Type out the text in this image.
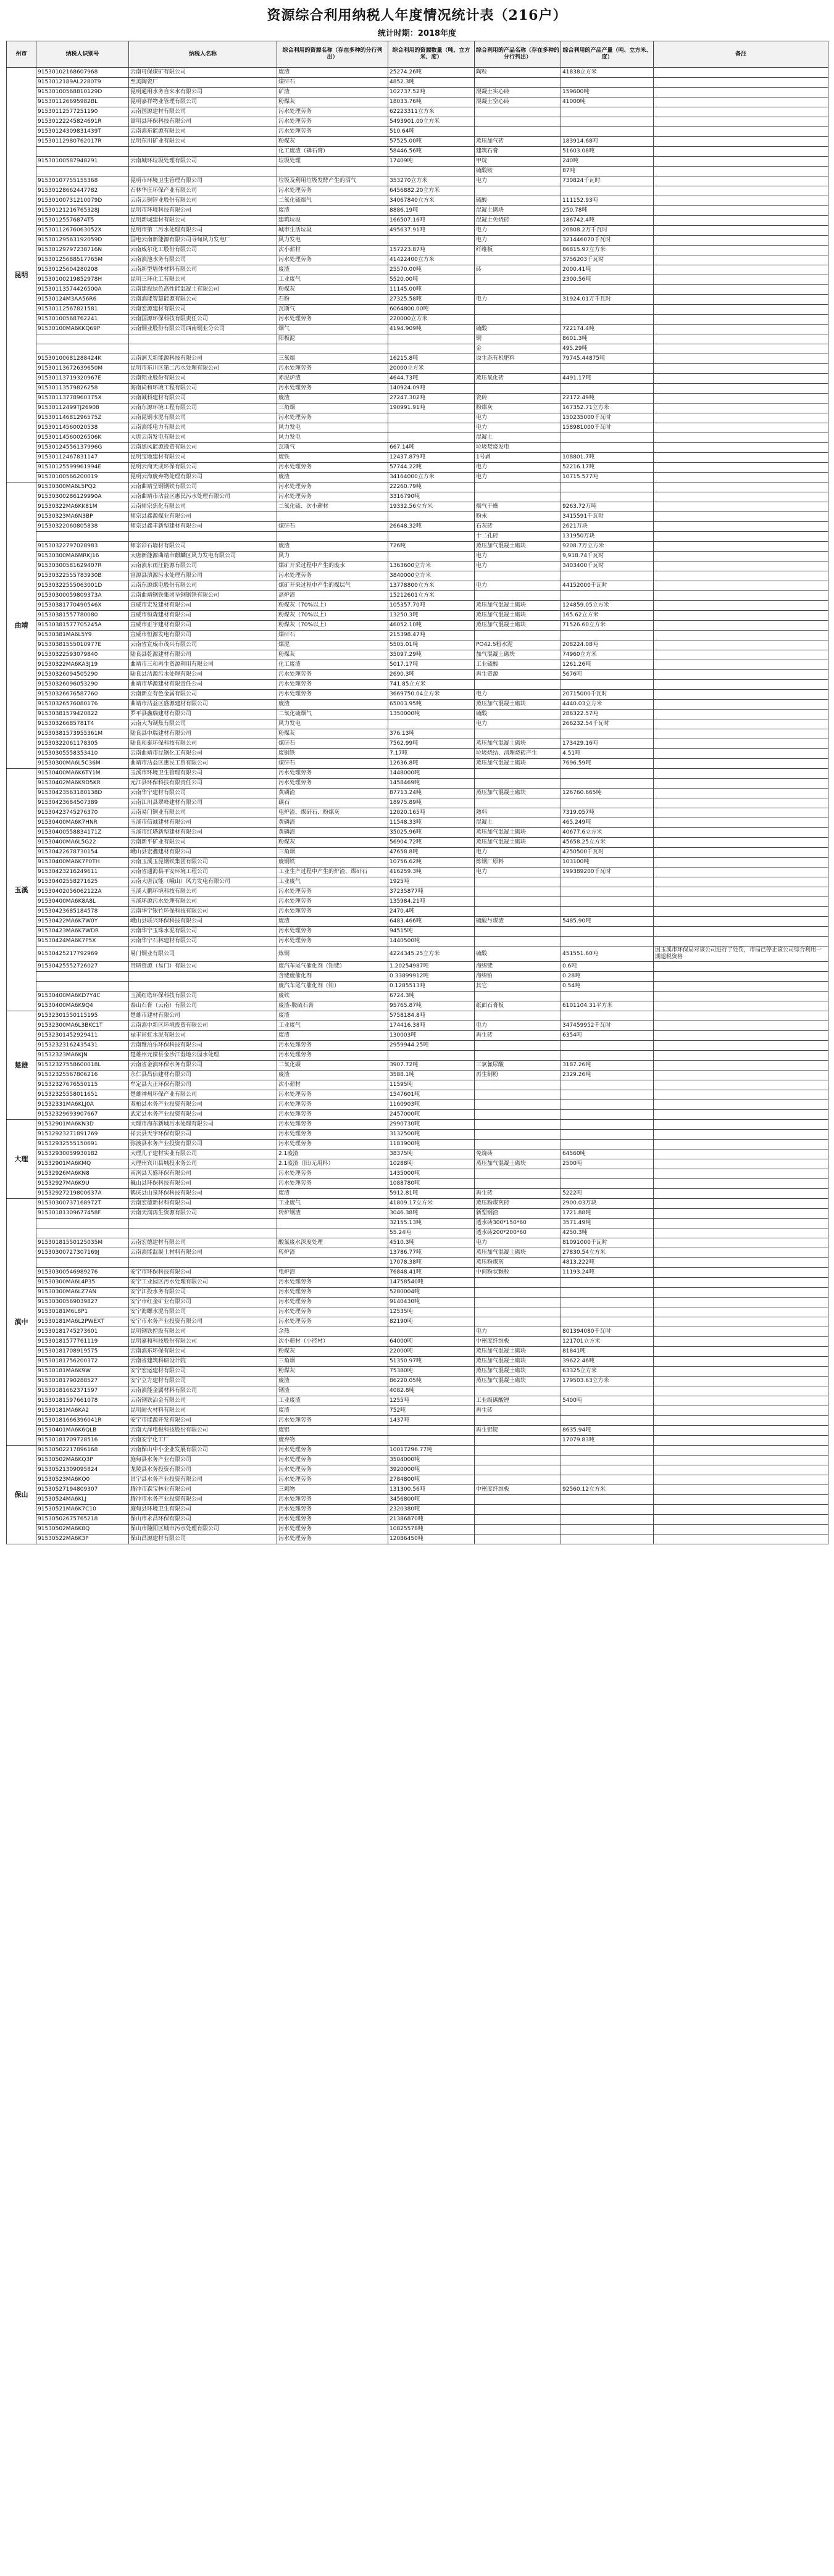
资源综合利用纳税人年度情况统计表（216户）
统计时期：2018年度
州市	纳税人识别号	纳税人名称	综合利用的资源名称（存在多种的分行列出）	综合利用的资源数量（吨、立方米、度）	综合利用的产品名称（存在多种的分行列出）	综合利用的产品产量（吨、立方米、度）	备注
昆明	91530102168607968	云南可保煤矿有限公司	废渣	25274.26吨	陶粒	41838立方米	
	9153012189AL2280T9	至美陶瓷厂	煤矸石	4852.3吨			
	91530100568810129D	昆明通用水务自来水有限公司	矿渣	102737.52吨	混凝土实心砖	159600吨	
	915301126695982BL	昆明嘉祥物业管理有限公司	粉煤灰	18033.76吨	混凝土空心砖	41000吨	
	91530112577251190	云南国源建材有限公司	污水处理劳务	62223311立方米			
	91530122245824691R	嵩明县环保科技有限公司	污水处理劳务	5493901.00立方米			
	91530124309831439T	云南滇东能源有限公司	污水处理劳务	510.64吨			
	91530112980762017R	昆明东川矿业有限公司	粉煤灰	57525.00吨	蒸压加气砖	183914.68吨	
			化工废渣（磷石膏）	58446.56吨	建筑石膏	51603.08吨	
	91530100587948291	云南城环垃圾处理有限公司	垃圾处理	17409吨	甲烷	240吨	
					硫酸铵	87吨	
	91530107755155368	昆明市环境卫生管理有限公司	垃圾及利用垃圾发酵产生的沼气	353270立方米	电力	730824千瓦时	
	91530128662447782	石林华庄环保产业有限公司	污水处理劳务	6456882.20立方米			
	91530100731210079D	云南云铜锌业股份有限公司	二氧化硫烟气	34067840立方米	硫酸	111152.93吨	
	91530121216765328J	昆明市环境科技有限公司	废渣	8886.19吨	混凝土砌块	250.78吨	
	91530125576874T5	昆明新城建材有限公司	建筑垃圾	166507.16吨	混凝土免烧砖	186742.4吨	
	91530112676063052X	昆明市第二污水处理有限公司	城市生活垃圾	495637.91吨	电力	20808.2万千瓦时	
	91530129563192059D	国电云南新能源有限公司寻甸风力发电厂	风力发电		电力	321446070千瓦时	
	91530129797238716N	云南威尔化工股份有限公司	次小薪材	157223.87吨	纤维板	86815.97立方米	
	91530125688517765M	云南滇池水务有限公司	污水处理劳务	41422400立方米		3756203千瓦时	
	91530125604280208	云南新型墙体材料有限公司	废渣	25570.00吨	砖	2000.41吨	
	91530100219852978H	昆明三环化工有限公司	工业废气	5520.00吨		2300.56吨	
	91530113574426500A	云南建投绿色高性能混凝土有限公司	粉煤灰	11145.00吨			
	91530124M3AA56R6	云南滇能智慧能源有限公司	石粉	27325.58吨	电力	31924.01万千瓦时	
	91530112567821581	云南宏源建材有限公司	瓦斯气	6064800.00吨			
	91530100568762241	云南国源环保科技有限责任公司	污水处理劳务	220000立方米			
	91530100MA6KKQ69P	云南铜业股份有限公司西南铜业分公司	烟气	4194.909吨	硫酸	722174.4吨	
			阳极泥		铜	8601.3吨	
					金	495.29吨	
	91530100681288424K	云南润天新能源科技有限公司	三氧烟	16215.8吨	原生态有机肥料	79745.44875吨	
	91530113672639650M	昆明市东川区第二污水处理有限公司	污水处理劳务	20000立方米			
	91530113719320967E	云南铝业股份有限公司	赤泥炉渣	4644.73吨	蒸压氧化砖	4491.17吨	
	91530113579826258	海南尚和环境工程有限公司	污水处理劳务	140924.09吨			
	91530113778960375X	云南诚科建材有限公司	废渣	27247.302吨	瓷砖	22172.49吨	
	91530112499TJ26908	云南东源环境工程有限公司	三角烟	190991.91吨	粉煤灰	167352.71立方米	
	91530114681296575Z	云南昆钢水泥有限公司	污水处理劳务		电力	150235000千瓦时	
	91530114560020538	云南滇能电力有限公司	风力发电		电力	158981000千瓦时	
	91530114560026506K	大唐云南发电有限公司	风力发电		混凝土		
	91530124556137996G	云南黑风能源投资有限公司	瓦斯气	667.14吨	垃圾焚烧发电		
	91530112467831147	昆明宝地建材有限公司	废铁	12437.879吨	1号剥	108801.7吨	
	91530125599961994E	昆明云商天成环保有限公司	污水处理劳务	57744.22吨	电力	52216.17吨	
	91530100566200019	昆明云海废弃物处理有限公司	废渣	34164000立方米	电力	10715.577吨	
曲靖	91530300MA6L5PQ2	云南曲靖呈钢钢铁有限公司	污水处理劳务	22260.79吨			
	91530300286129990A	云南曲靖市沾益区惠民污水处理有限公司	污水处理劳务	3316790吨			
	91530322MA6KK81M	云南师宗焦化有限公司	二氧化硫、次小薪材	19332.56立方米	烟气干燥	9263.72万吨	
	91530323MA6N3BP	师宗县鑫源煤业有限公司			粉末	3415591千瓦时	
	91530322060805838	师宗县鑫丰新型建材有限公司	煤矸石	26648.32吨	石灰砖	2621万块	
					十二孔砖	131950万块	
	91530322797028983	师宗彩石墙材有限公司	废渣	726吨	蒸压加气混凝土砌块	9208.7万立方米	
	91530300MA6MRKJ16	大唐新能源曲靖市麒麟区风力发电有限公司	风力		电力	9,918.74千瓦时	
	91530300581629407R	云南滇东雨汪能源有限公司	煤矿开采过程中产生的废水	1363600立方米	电力	3403400千瓦时	
	91530322555783930B	富源县滇源污水处理有限公司	污水处理劳务	3840000立方米			
	91530322555063001D	云南东源煤电股份有限公司	煤矿开采过程中产生的煤层气	13778800立方米	电力	44152000千瓦时	
	91530300059809373A	云南曲靖钢铁集团呈钢钢铁有限公司	高炉渣	15212601立方米			
	91530381770490546X	宣威市宏发建材有限公司	粉煤灰（70%以上）	105357.70吨	蒸压加气混凝土砌块	124859.05立方米	
	91530381557780080	宣威市恒森建材有限公司	粉煤灰（70%以上）	13250.3吨	蒸压加气混凝土砌块	165.62立方米	
	91530381577705245A	宣威市正宇建材有限公司	粉煤灰（70%以上）	46052.10吨	蒸压加气混凝土砌块	71526.60立方米	
	91530381MA6L5Y9	宣威市恒源发电有限公司	煤矸石	215398.47吨			
	91530381555010977E	云南省宣威市茂兴有限公司	煤泥	5505.01吨	PO42.5粉水泥	208224.08吨	
	91530322593079840	陆良县乾源建材有限公司	粉煤灰	35097.29吨	加气混凝土砌块	74960立方米	
	91530322MA6KA3J19	曲靖市三和再生资源利用有限公司	化工废渣	5017.17吨	工业硫酸	1261.26吨	
	91530326094505290	陆良县洁源污水处理有限公司	污水处理劳务	2690.3吨	再生资源	5676吨	
	91530326096053290	曲靖市华源建材有限责任公司	污水处理劳务	741.85立方米			
	91530326676587760	云南新立有色金属有限公司	污水处理劳务	3669750.04立方米	电力	20715000千瓦时	
	91530326576080176	曲靖市沾益区盛源建材有限公司	废渣	65003.95吨	蒸压加气混凝土砌块	4440.03立方米	
	91530381579420822	罗平县鑫瑞建材有限公司	二氧化硫烟气	1350000吨	硫酸	286322.57吨	
	91530326685781T4	云南大为制焦有限公司	风力发电		电力	266232.54千瓦时	
	91530381573955361M	陆良县中瑞建材有限公司	粉煤灰	376.13吨			
	91530322061178305	陆良和泰环保科技有限公司	煤矸石	7562.99吨	蒸压加气混凝土砌块	173429.16吨	
	91530305558353410	云南曲靖市昆钢化工有限公司	废钢铁	7.17吨	垃圾烧结、清理烧砖产生	4.51吨	
	91530300MA6L5C36M	曲靖市沾益区惠民工贸有限公司	煤矸石	12636.8吨	蒸压加气混凝土砌块	7696.59吨	
玉溪	91530400MA6K6TY1M	玉溪市环境卫生管理有限公司	污水处理劳务	1448000吨			
	91530402MA6K9D5KR	元江县环保科技有限责任公司	污水处理劳务	1458469吨			
	91530423563180138D	云南华宁建材有限公司	黄磷渣	87713.24吨	蒸压加气混凝土砌块	126760.665吨	
	91530423684507389	云南江川县翠峰建材有限公司	碳石	18975.89吨			
	91530423745276370	云南易门铜业有限公司	电炉渣、煤矸石、粉煤灰	12020.165吨	熟料	7319.057吨	
	91530400MA6K7HNR	玉溪市信诚建材有限公司	黄磷渣	11548.33吨	混凝土	465.249吨	
	91530400558834171Z	玉溪市红塔新型建材有限公司	黄磷渣	35025.96吨	蒸压加气混凝土砌块	40677.6立方米	
	91530400MA6L5G22	云南新平矿业有限公司	粉煤灰	56904.72吨	蒸压加气混凝土砌块	45658.25立方米	
	91530422678730154	峨山县宏鑫建材有限公司	三角烟	47658.8吨	电力	4250500千瓦时	
	91530400MA6K7P0TH	云南玉溪玉昆钢铁集团有限公司	废钢铁	10756.62吨	炼钢厂原料	103100吨	
	91530423216249611	云南省通海县平安环境工程公司	工业生产过程中产生的炉渣、煤矸石	416259.3吨	电力	199389200千瓦时	
	91530402558271625	云南大唐汉能（峨山）风力发电有限公司	工业废气	1925吨			
	91530402056062122A	玉溪大鹏环境科技有限公司	污水处理劳务	37235877吨			
	91530400MA6K8A8L	玉溪环源污水处理有限公司	污水处理劳务	135984.21吨			
	91530423685184578	云南华宁银竹环保科技有限公司	污水处理劳务	2470.4吨			
	91530422MA6K7W0Y	峨山县联兴环保科技有限公司	废渣	6483.466吨	硫酸与煤渣	5485.90吨	
	91530423MA6K7WDR	云南华宁玉珠水泥有限公司	污水处理劳务	94515吨			
	91530424MA6K7P5X	云南华宁石林建材有限公司	污水处理劳务	1440500吨			
	91530425217792969	易门铜业有限公司	炼铜	4224345.25立方米	硫酸	451551.60吨	因玉溪市环保局对该公司进行了处罚，市局已停止该公司综合利用一期退税资格
	91530425552726027	贵研资源（易门）有限公司	废汽车尾气催化剂（铂铑）	1.20254987吨	海绵铑	0.6吨	
			含铑废催化剂	0.33899912吨	海绵铂	0.28吨	
			废汽车尾气催化剂（铂）	0.1285513吨	其它	0.54吨	
	91530400MA6KD7Y4C	玉溪红塔环保科技有限公司	废铁	6724.3吨			
	91530400MA6K9Q4	泰山石膏（云南）有限公司	废渣-脱硫石膏	95765.87吨	纸面石膏板	6101104.31平方米	
楚雄	91532301550115195	楚雄市建材有限公司	废渣	5758184.8吨			
	91532300MA6L3BKC1T	云南滇中新区环境投资有限公司	工业废气	174416.38吨	电力	347459952千瓦时	
	91532301452929411	禄丰彩虹水泥有限公司	废渣	130003吨	再生砖	6354吨	
	91532323162435431	云南雅泊乐环保科技有限公司	污水处理劳务	2959944.25吨			
	91532323MA6KJN	楚雄州元谋县金沙江湿地公园水处理	污水处理劳务				
	91532327558600018L	云南省金滇环保水务有限公司	二氧化碳	3907.72吨	三氯氰尿酸	3187.26吨	
	91532325567806216	永仁县昌信建材有限公司	废渣	3588.1吨	再生制粉	2329.26吨	
	91532327676550115	牟定县大正环保有限公司	次小薪材	11595吨			
	91532325558011651	楚雄神州环保产业有限公司	污水处理劳务	1547601吨			
	91532331MA6KLJ0A	双柏县水务产业投资有限公司	污水处理劳务	1160903吨			
	91532329693907667	武定县水务产业投资有限公司	污水处理劳务	2457000吨			
大理	91532901MA6KN3D	大理市海东新城污水处理有限公司	污水处理劳务	2990730吨			
	91532923271891769	祥云县天宇环保有限公司	污水处理劳务	3132500吨			
	91532932555150691	弥渡县水务产业投资有限公司	污水处理劳务	1183900吨			
	91532930059930182	大理儿子建材实业有限公司	2.1废渣	38375吨	免烧砖	64560吨	
	91532901MA6KMQ	大理州宾川县城投水务公司	2.1废渣（旧/无用料）	10288吨	蒸压加气混凝土砌块	2500吨	
	91532926MA6KN8	南涧县天盛环保有限公司	污水处理劳务	1435000吨			
	91532927MA6K9U	巍山县环保科技有限公司	污水处理劳务	1088780吨			
	91532927219800637A	鹤庆县山泉环保科技有限公司	废渣	5912.81吨	再生砖	5222吨	
滇中	91530300737168972T	云南宏德新材料有限公司	工业废气	41809.17立方米	蒸压粉煤灰砖	2900.03万块	
	91530181309677458F	云南天润再生资源有限公司	转炉钢渣	3046.38吨	新型钢渣	1721.88吨	
				32155.13吨	透水砖300*150*60	3571.49吨	
				55.24吨	透水砖200*200*60	4250.3吨	
	91530181550125035M	云南宏德建材有限公司	酸氯废水深度处理	4510.3吨	电力	81091000千瓦时	
	91530300727307169J	云南滇能混凝土材料有限公司	转炉渣	13786.77吨	蒸压加气混凝土砌块	27830.54立方米	
				17078.38吨	蒸压粉煤灰	4813.222吨	
	91530300546989276	安宁市环保科技有限公司	电炉渣	76848.41吨	中间粉状颗粒	11193.24吨	
	91530300MA6L4P35	安宁工业园区污水处理有限公司	污水处理劳务	14758540吨			
	91530300MA6LZ7AN	安宁江投水务有限公司	污水处理劳务	5280004吨			
	91530300569039827	安宁市红金矿业有限公司	污水处理劳务	9140430吨			
	91530181M6L8P1	安宁海螺水泥有限公司	污水处理劳务	12535吨			
	91530181MA6L2PWEXT	安宁市水务产业投资有限公司	污水处理劳务	82190吨			
	91530181745273601	昆明钢铁控股有限公司	余热		电力	801394080千瓦时	
	91530181577761119	昆明嘉和科技股份有限公司	次小薪材（小径材）	64000吨	中密度纤维板	121701立方米	
	91530181708919575	云南滇东环保有限公司	粉煤灰	22000吨	蒸压加气混凝土砌块	81841吨	
	91530181756200372	云南省建筑科研设计院	三角烟	51350.97吨	蒸压加气混凝土砌块	39622.46吨	
	91530181MA6K9W	安宁宏运建材有限公司	粉煤灰	75380吨	蒸压加气混凝土砌块	63325立方米	
	91530181790288527	安宁立方建材有限公司	废渣	86220.05吨	蒸压加气混凝土砌块	179503.63立方米	
	91530181662371597	云南滇能金属材料有限公司	钢渣	4082.8吨			
	91530181597661078	云南钢铁冶金有限公司	工业废渣	1255吨	工业级碳酸锂	5400吨	
	91530181MA6KA2	昆明耐火材料有限公司	废渣	752吨	再生砖		
	91530181666396041R	安宁市能源开发有限公司	污水处理劳务	1437吨			
	91530401MA6K6QLB	云南大泽电极科技股份有限公司	废铝		再生铝锭	8635.94吨	
	91530181709728516	云南安宁化工厂	废弃物			17079.83吨	
保山	91530502217896168	云南保山中小企业发展有限公司	污水处理劳务	10017296.77吨			
	91530502MA6KQ3P	施甸县水务产业有限公司	污水处理劳务	3504000吨			
	91530521309095824	龙陵县水务投资有限公司	污水处理劳务	3920000吨			
	91530523MA6KQ0	昌宁县水务产业投资有限公司	污水处理劳务	2784800吨			
	91530527194809307	腾冲市森宝林业有限公司	三剩物	131300.56吨	中密度纤维板	92560.12立方米	
	91530524MA6KLJ	腾冲市水务产业投资有限公司	污水处理劳务	3456800吨			
	91530521MA6K7C10	施甸县环境卫生有限公司	污水处理劳务	2320380吨			
	91530502675765218	保山市永昌环保有限公司	污水处理劳务	21386870吨			
	91530502MA6K8Q	保山市隆阳区城市污水处理有限公司	污水处理劳务	10825578吨			
	91530522MA6K3P	保山昌源建材有限公司	污水处理劳务	12086450吨			
